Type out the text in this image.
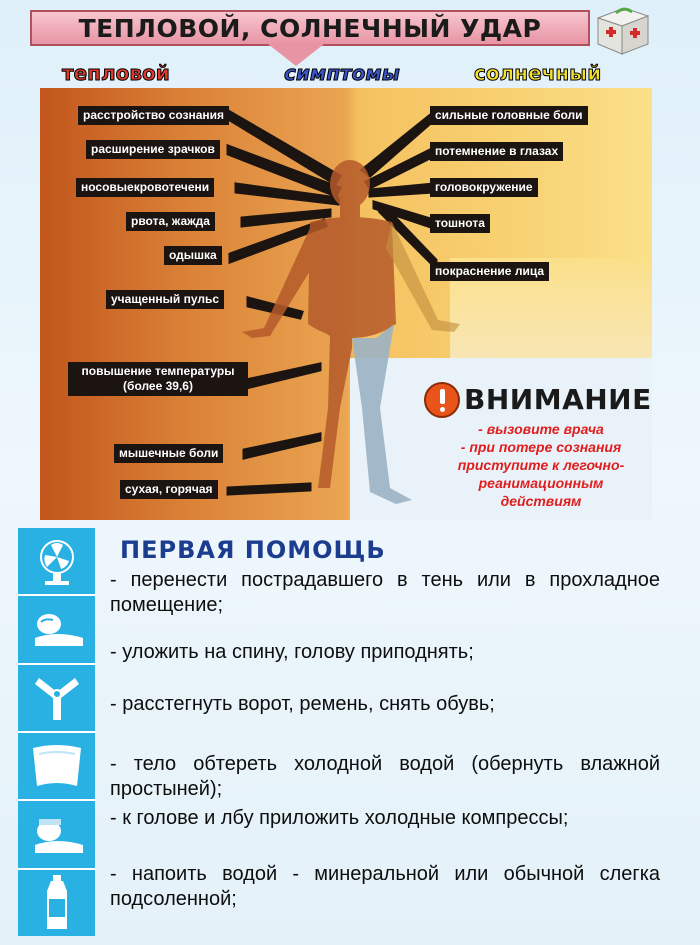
ТЕПЛОВОЙ, СОЛНЕЧНЫЙ УДАР
тепловой	симптомы	солнечный
расстройство сознания
расширение зрачков
носовыекровотечени
рвота, жажда
одышка
учащенный пульс
повышение температуры
(более 39,6)
мышечные боли
сухая, горячая
сильные головные боли
потемнение в глазах
головокружение
тошнота
покраснение лица
ВНИМАНИЕ
- вызовите врача
- при потере сознания
приступите к легочно-
реанимационным
действиям
ПЕРВАЯ ПОМОЩЬ
- перенести пострадавшего в тень или в прохладное помещение;
- уложить на спину, голову приподнять;
- расстегнуть ворот, ремень, снять обувь;
- тело обтереть холодной водой (обернуть влажной простыней);
- к голове и лбу приложить холодные компрессы;
- напоить водой - минеральной или обычной слегка подсоленной;
